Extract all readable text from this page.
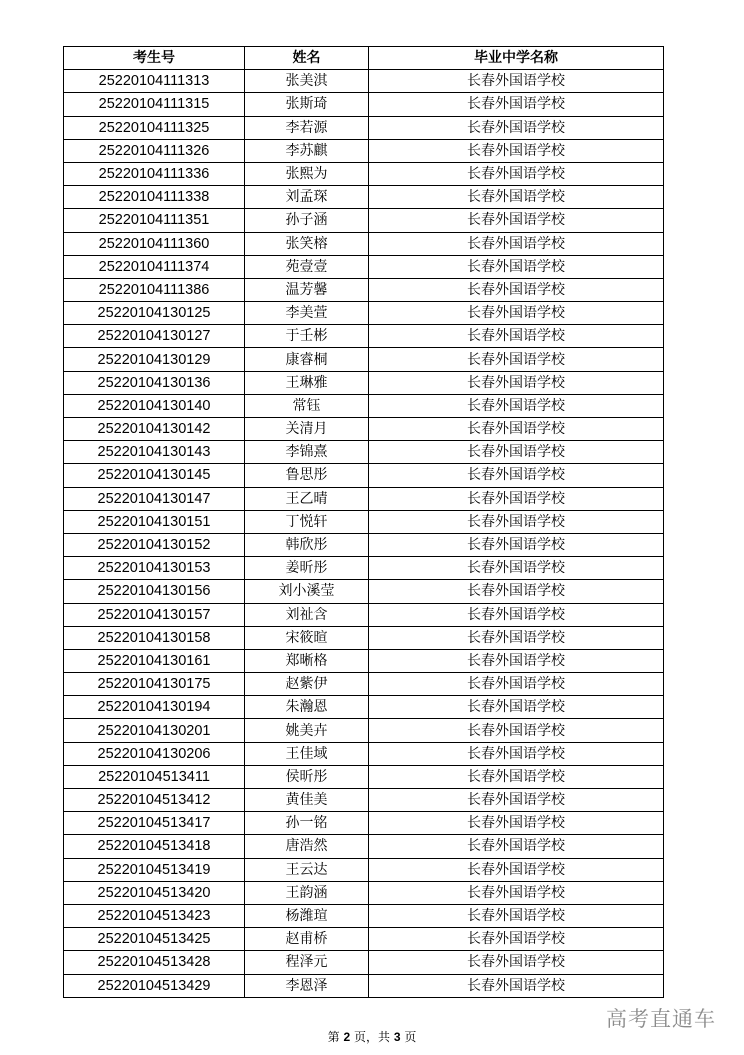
考生号	姓名	毕业中学名称
25220104111313	张美淇	长春外国语学校
25220104111315	张斯琦	长春外国语学校
25220104111325	李若源	长春外国语学校
25220104111326	李苏麒	长春外国语学校
25220104111336	张熙为	长春外国语学校
25220104111338	刘孟琛	长春外国语学校
25220104111351	孙子涵	长春外国语学校
25220104111360	张笑榕	长春外国语学校
25220104111374	苑壹壹	长春外国语学校
25220104111386	温芳馨	长春外国语学校
25220104130125	李美萱	长春外国语学校
25220104130127	于壬彬	长春外国语学校
25220104130129	康睿桐	长春外国语学校
25220104130136	王琳雅	长春外国语学校
25220104130140	常钰	长春外国语学校
25220104130142	关清月	长春外国语学校
25220104130143	李锦熹	长春外国语学校
25220104130145	鲁思彤	长春外国语学校
25220104130147	王乙晴	长春外国语学校
25220104130151	丁悦轩	长春外国语学校
25220104130152	韩欣彤	长春外国语学校
25220104130153	姜昕彤	长春外国语学校
25220104130156	刘小溪莹	长春外国语学校
25220104130157	刘祉含	长春外国语学校
25220104130158	宋筱暄	长春外国语学校
25220104130161	郑晰格	长春外国语学校
25220104130175	赵紫伊	长春外国语学校
25220104130194	朱瀚恩	长春外国语学校
25220104130201	姚美卉	长春外国语学校
25220104130206	王佳域	长春外国语学校
25220104513411	侯昕彤	长春外国语学校
25220104513412	黄佳美	长春外国语学校
25220104513417	孙一铭	长春外国语学校
25220104513418	唐浩然	长春外国语学校
25220104513419	王云达	长春外国语学校
25220104513420	王韵涵	长春外国语学校
25220104513423	杨潍瑄	长春外国语学校
25220104513425	赵甫桥	长春外国语学校
25220104513428	程泽元	长春外国语学校
25220104513429	李恩泽	长春外国语学校
第 2 页，共 3 页
高考直通车
